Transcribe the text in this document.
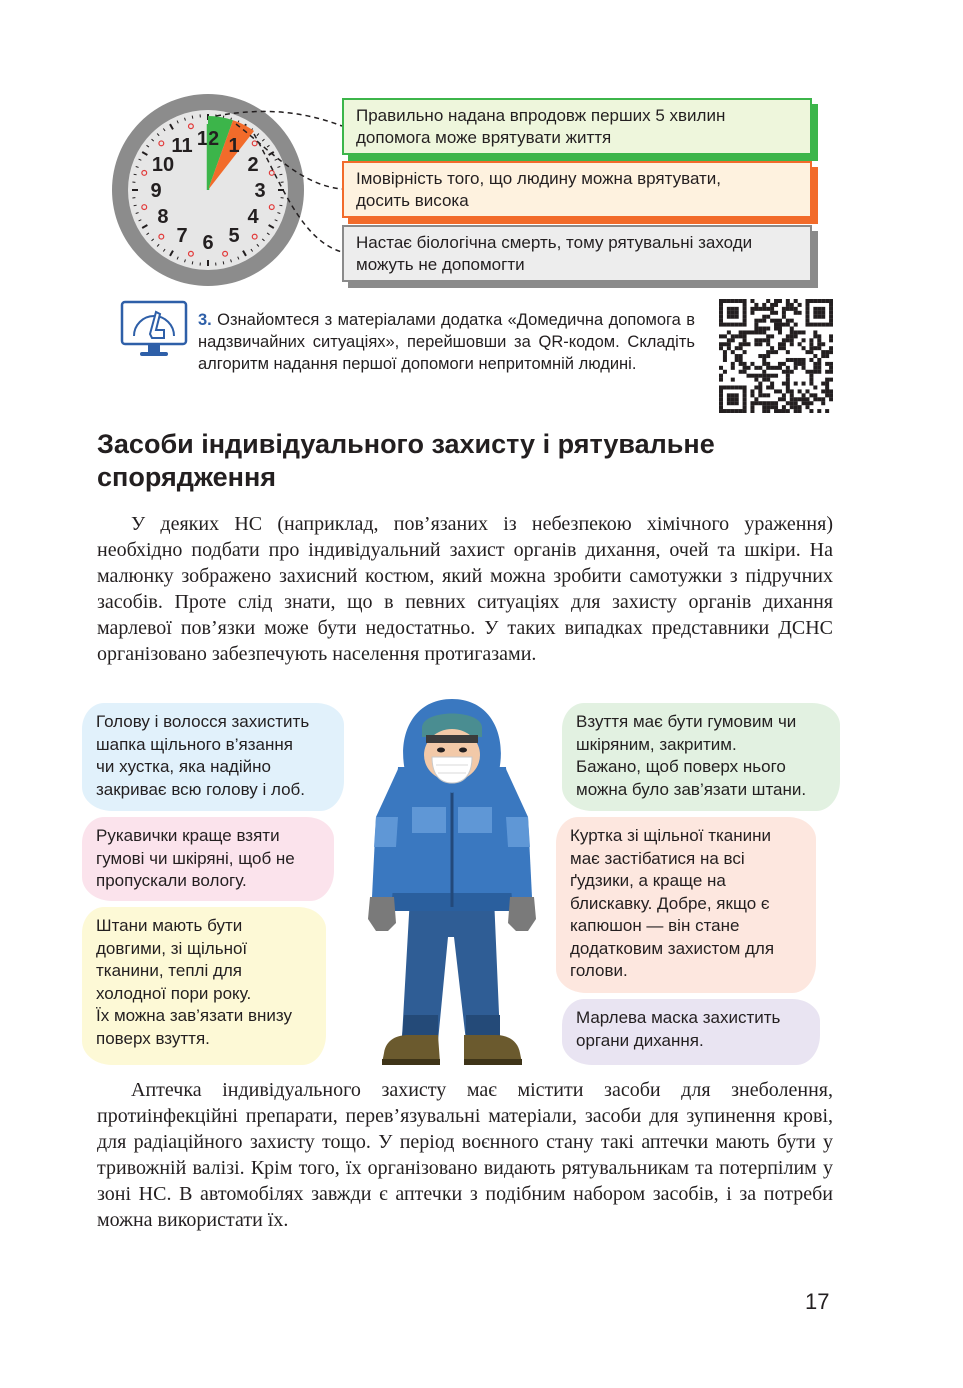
12 1
2
3
4
5
6
7
8
9
10
11
Правильно надана впродовж перших 5 хвилин
допомога може врятувати життя
Імовірність того, що людину можна врятувати,
досить висока
Настає біологічна смерть, тому рятувальні заходи
можуть не допомогти
3. Ознайомтеся з матеріалами додатка «Домедична допомога в надзвичайних ситуаціях», перейшовши за QR-кодом. Складіть алгоритм надання першої допомоги непритомній людині.
Засоби індивідуального захисту і рятувальне спорядження

У деяких НС (наприклад, пов’язаних із небезпекою хімічного ураження) необхідно подбати про індивідуальний захист органів дихання, очей та шкіри. На малюнку зображено захисний костюм, який можна зробити самотужки з підручних засобів. Проте слід знати, що в певних ситуаціях для захисту органів дихання марлевої пов’язки може бути недостатньо. У таких випадках представники ДСНС організовано забезпечують населення протигазами.

Голову і волосся захистить
шапка щільного в’язання
чи хустка, яка надійно
закриває всю голову і лоб.
Рукавички краще взяти
гумові чи шкіряні, щоб не
пропускали вологу.
Штани мають бути
довгими, зі щільної
тканини, теплі для
холодної пори року.
Їх можна зав’язати внизу
поверх взуття.
Взуття має бути гумовим чи
шкіряним, закритим.
Бажано, щоб поверх нього
можна було зав’язати штани.
Куртка зі щільної тканини
має застібатися на всі
ґудзики, а краще на
блискавку. Добре, якщо є
капюшон — він стане
додатковим захистом для
голови.
Марлева маска захистить
органи дихання.

Аптечка індивідуального захисту має містити засоби для знеболення, протиінфекційні препарати, перев’язувальні матеріали, засоби для зупинення крові, для радіаційного захисту тощо. У період воєнного стану такі аптечки мають бути у тривожній валізі. Крім того, їх організовано видають рятувальникам та потерпілим у зоні НС. В автомобілях завжди є аптечки з подібним набором засобів, і за потреби можна використати їх.

17
